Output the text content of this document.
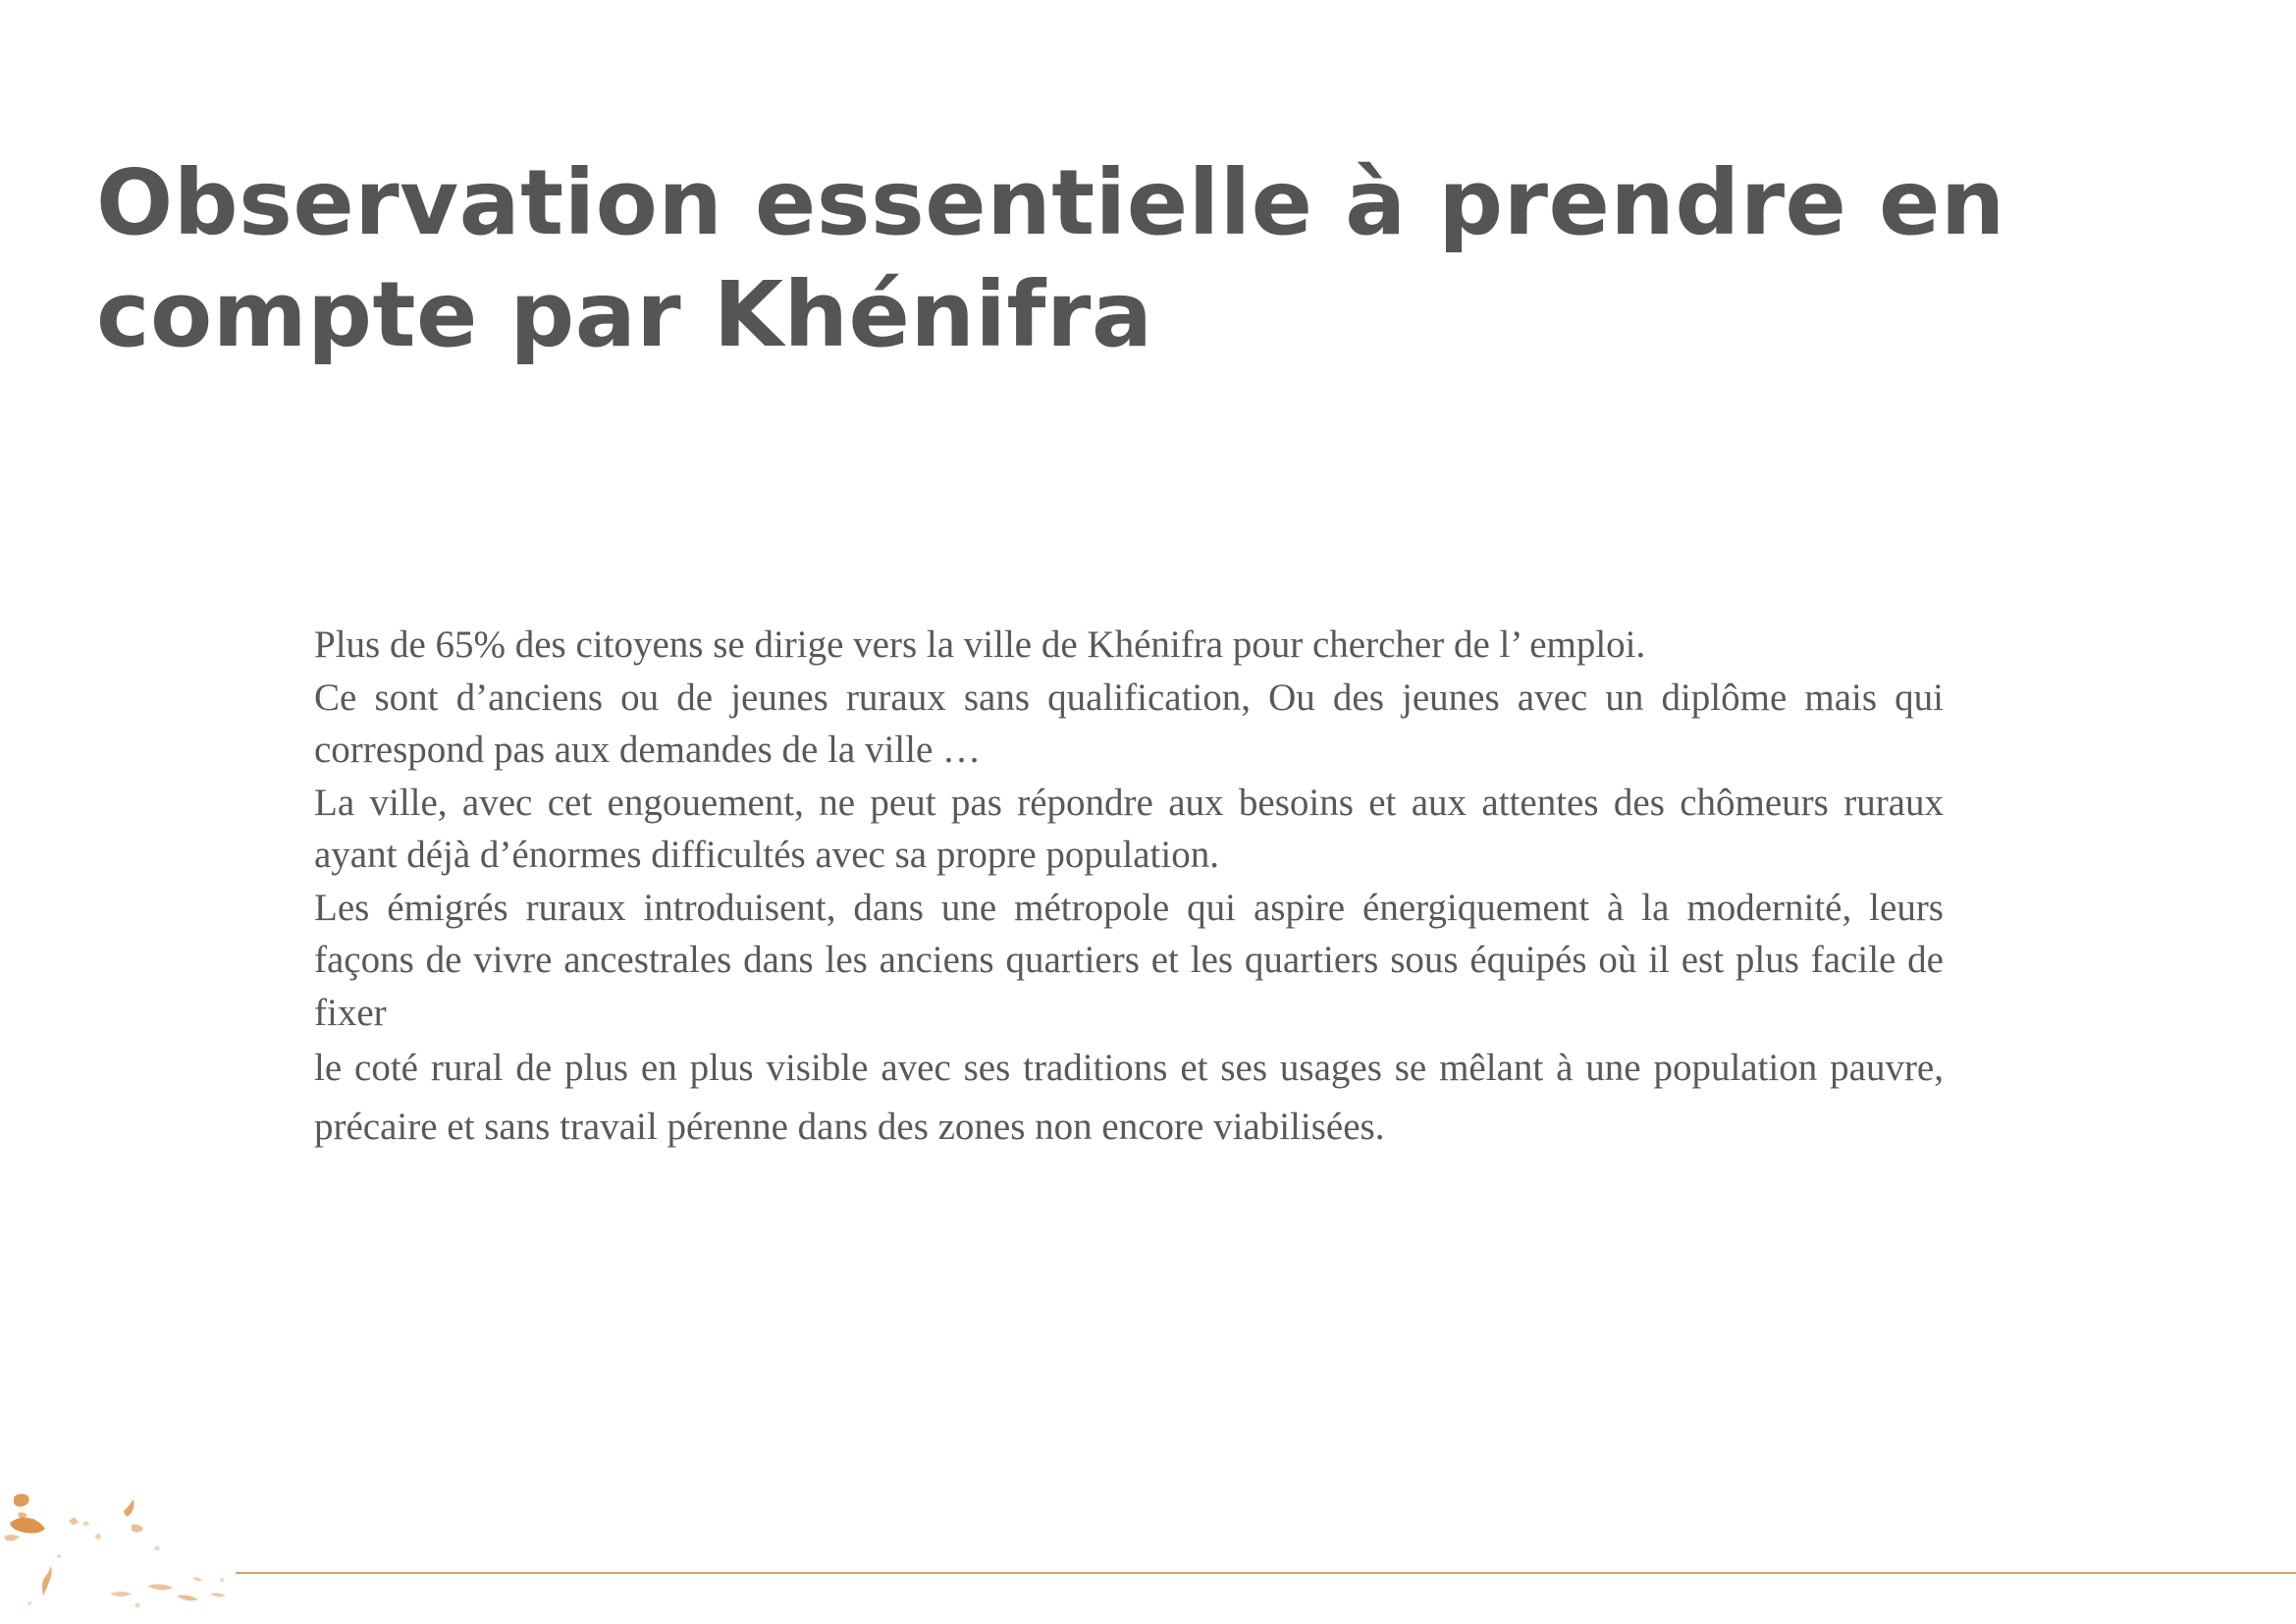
Observation essentielle à prendre en
compte par Khénifra

Plus de 65% des citoyens se dirige vers la ville de Khénifra pour chercher de l’ emploi.

Ce sont d’anciens ou de jeunes ruraux sans qualification, Ou des jeunes avec un diplôme mais qui correspond pas aux demandes de la ville …

La ville, avec cet engouement, ne peut pas répondre aux besoins et aux attentes des chômeurs ruraux ayant déjà d’énormes difficultés avec sa propre population.

Les émigrés ruraux introduisent, dans une métropole qui aspire énergiquement à la modernité, leurs façons de vivre ancestrales dans les anciens quartiers et les quartiers sous équipés où il est plus facile de fixer

le coté rural de plus en plus visible avec ses traditions et ses usages se mêlant à une population pauvre, précaire et sans travail pérenne dans des zones non encore viabilisées.
